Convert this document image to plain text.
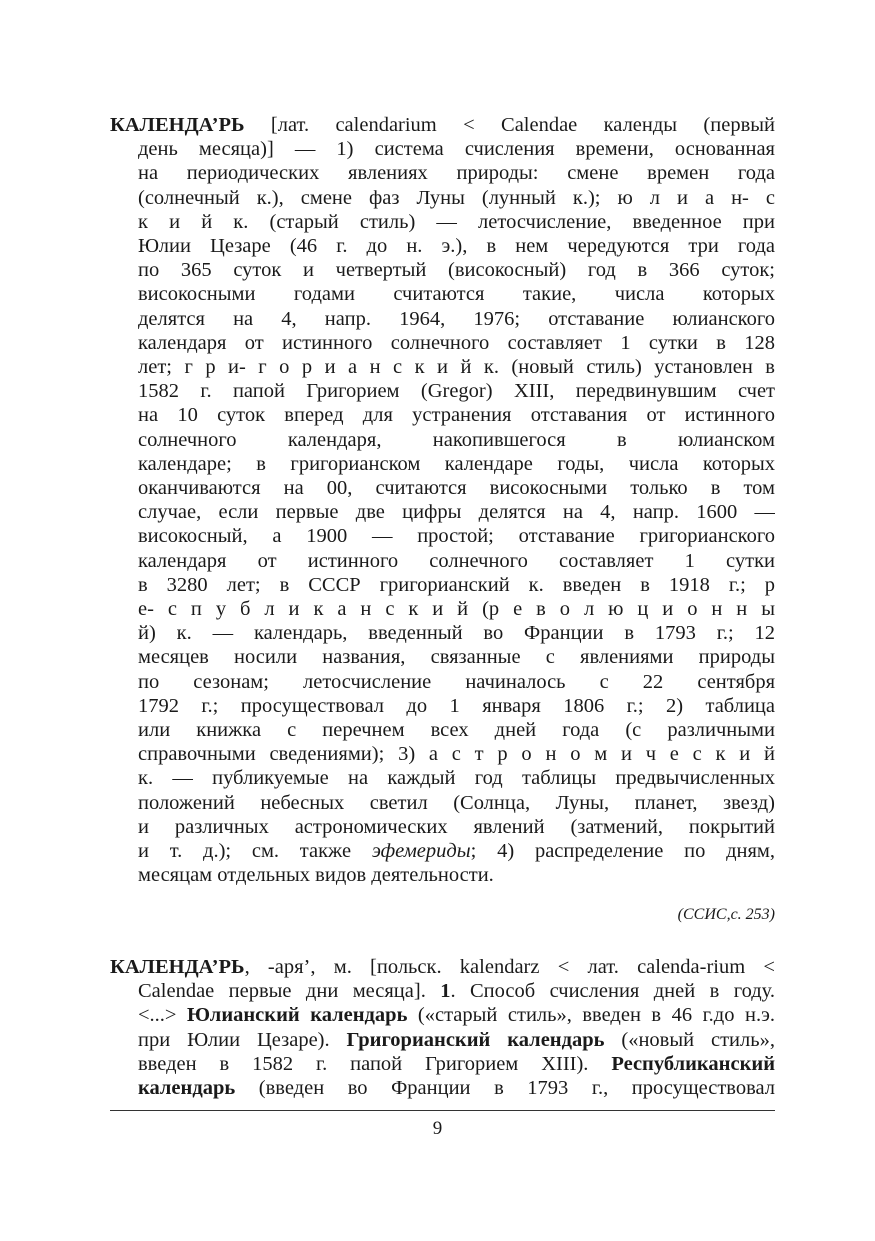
КАЛЕНДА’РЬ [лат. calendarium < Calendae календы (первый
день месяца)] — 1) система счисления времени, основанная
на периодических явлениях природы: смене времен года
(солнечный к.), смене фаз Луны (лунный к.); ю л и а н- с
к и й к. (старый стиль) — летосчисление, введенное при
Юлии Цезаре (46 г. до н. э.), в нем чередуются три года
по 365 суток и четвертый (високосный) год в 366 суток;
високосными годами считаются такие, числа которых
делятся на 4, напр. 1964, 1976; отставание юлианского
календаря от истинного солнечного составляет 1 сутки в 128
лет; г р и- г о р и а н с к и й к. (новый стиль) установлен в
1582 г. папой Григорием (Gregor) XIII, передвинувшим счет
на 10 суток вперед для устранения отставания от истинного
солнечного календаря, накопившегося в юлианском
календаре; в григорианском календаре годы, числа которых
оканчиваются на 00, считаются високосными только в том
случае, если первые две цифры делятся на 4, напр. 1600 —
високосный, а 1900 — простой; отставание григорианского
календаря от истинного солнечного составляет 1 сутки
в 3280 лет; в СССР григорианский к. введен в 1918 г.; р
е- с п у б л и к а н с к и й (р е в о л ю ц и о н н ы
й) к. — календарь, введенный во Франции в 1793 г.; 12
месяцев носили названия, связанные с явлениями природы
по сезонам; летосчисление начиналось с 22 сентября
1792 г.; просуществовал до 1 января 1806 г.; 2) таблица
или книжка с перечнем всех дней года (с различными
справочными сведениями); 3) а с т р о н о м и ч е с к и й
к. — публикуемые на каждый год таблицы предвычисленных
положений небесных светил (Солнца, Луны, планет, звезд)
и различных астрономических явлений (затмений, покрытий
и т. д.); см. также эфемериды; 4) распределение по дням,
месяцам отдельных видов деятельности.
(ССИС,с. 253)
КАЛЕНДА’РЬ, -аря’, м. [польск. kalendarz < лат. calenda-rium <
Calendae первые дни месяца]. 1. Способ счисления дней в году.
<...> Юлианский календарь («старый стиль», введен в 46 г.до н.э.
при Юлии Цезаре). Григорианский календарь («новый стиль»,
введен в 1582 г. папой Григорием XIII). Республиканский
календарь (введен во Франции в 1793 г., просуществовал
9
